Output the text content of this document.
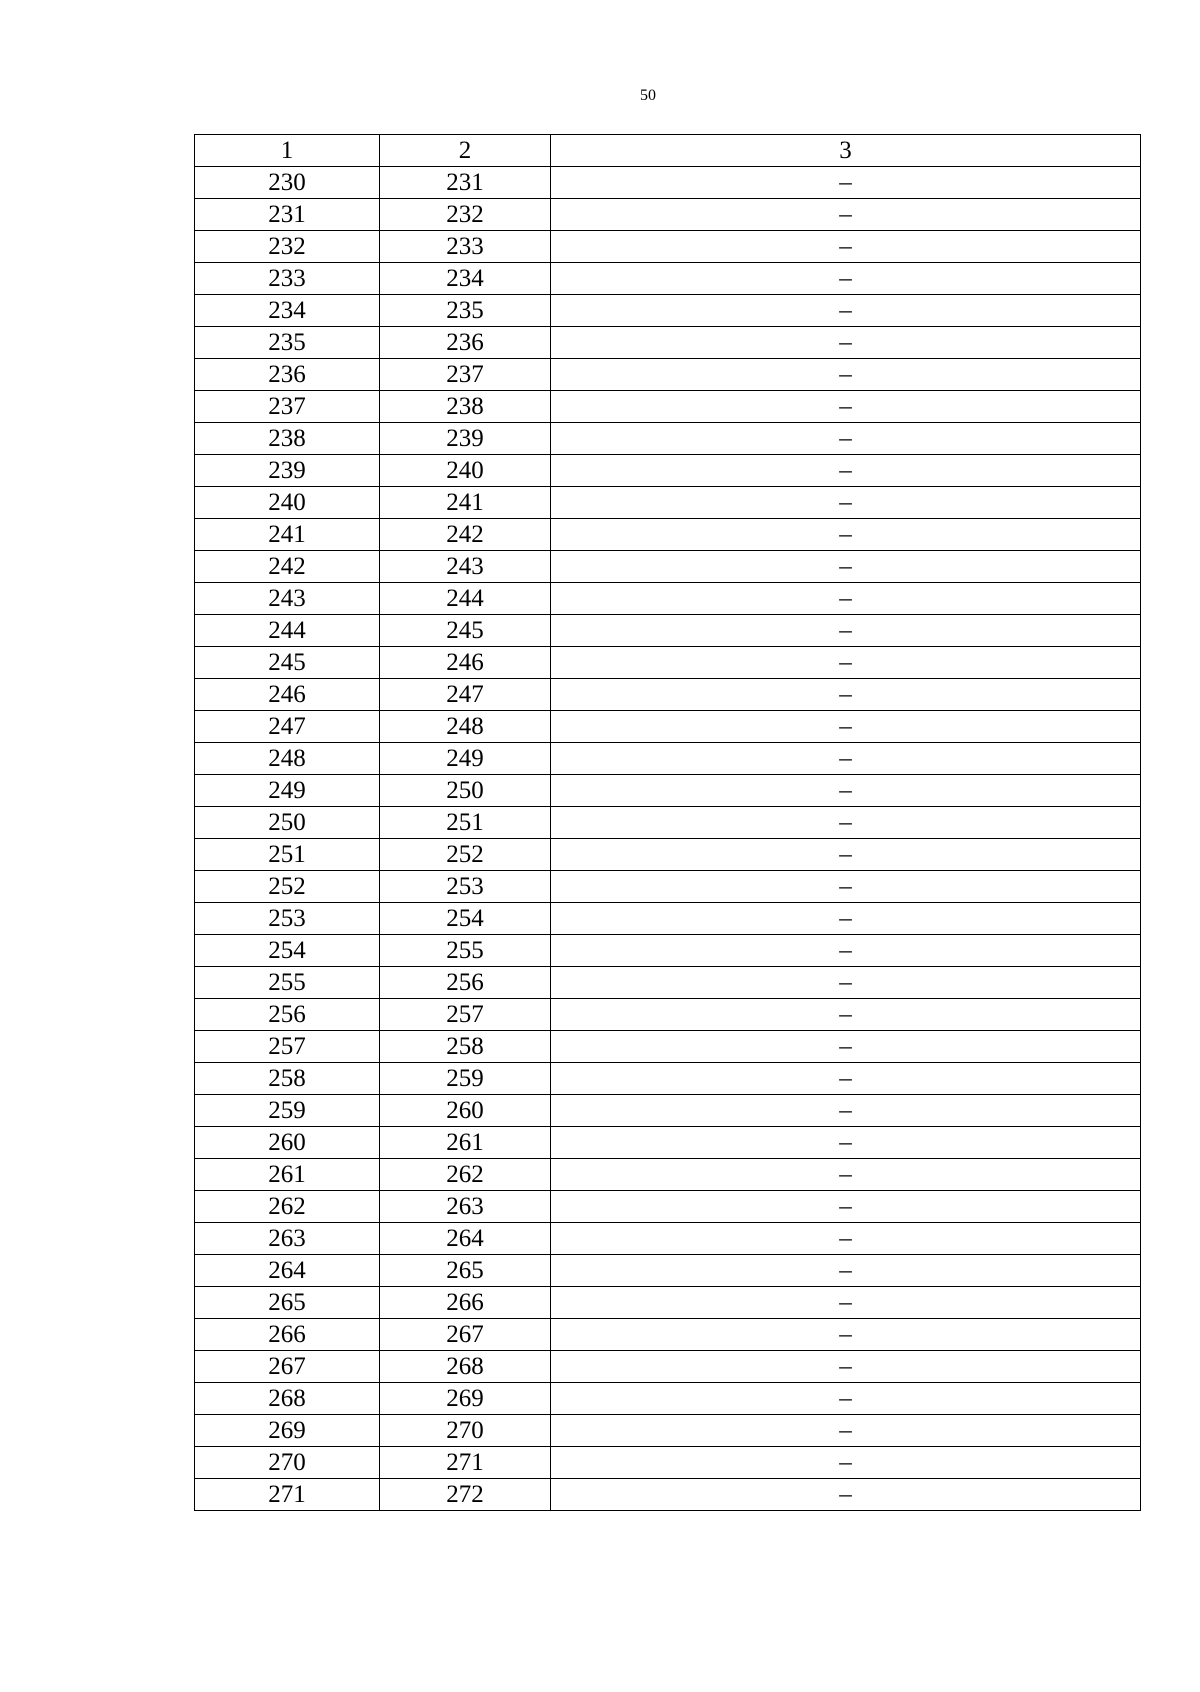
50
1	2	3
230	231	–
231	232	–
232	233	–
233	234	–
234	235	–
235	236	–
236	237	–
237	238	–
238	239	–
239	240	–
240	241	–
241	242	–
242	243	–
243	244	–
244	245	–
245	246	–
246	247	–
247	248	–
248	249	–
249	250	–
250	251	–
251	252	–
252	253	–
253	254	–
254	255	–
255	256	–
256	257	–
257	258	–
258	259	–
259	260	–
260	261	–
261	262	–
262	263	–
263	264	–
264	265	–
265	266	–
266	267	–
267	268	–
268	269	–
269	270	–
270	271	–
271	272	–
